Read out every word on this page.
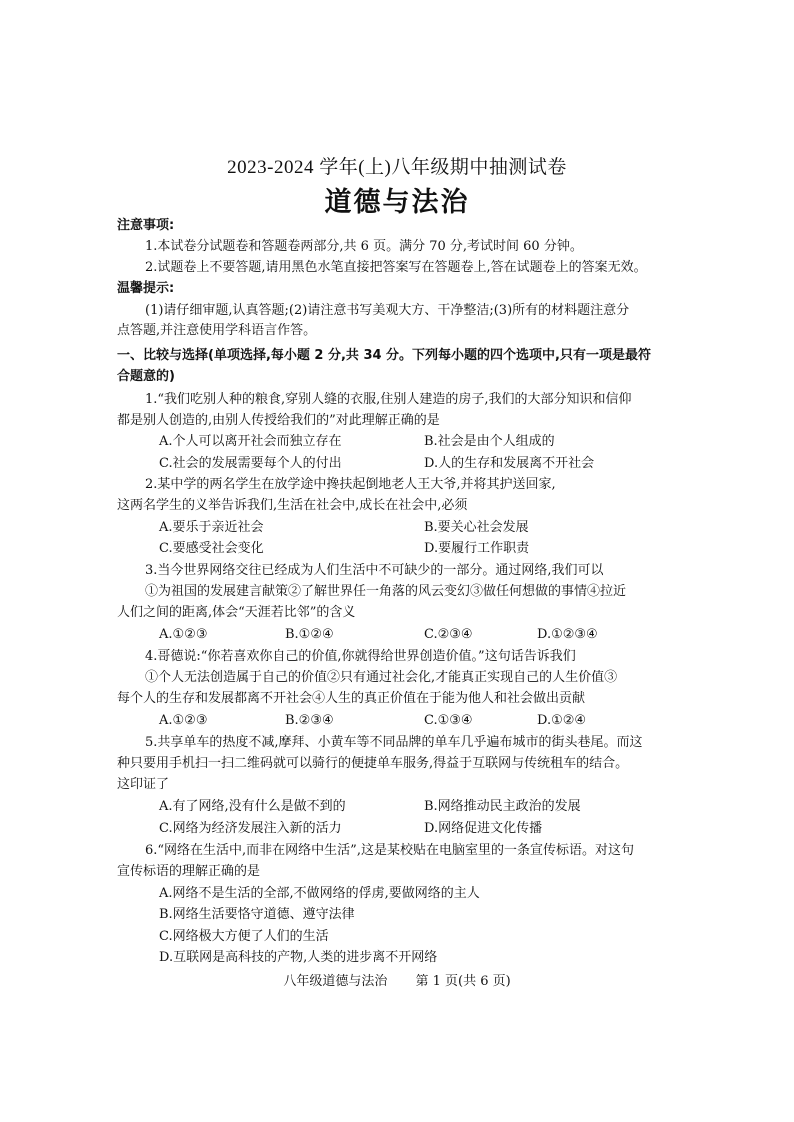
2023-2024 学年(上)八年级期中抽测试卷
道德与法治
注意事项:
1.本试卷分试题卷和答题卷两部分,共 6 页。满分 70 分,考试时间 60 分钟。
2.试题卷上不要答题,请用黑色水笔直接把答案写在答题卷上,答在试题卷上的答案无效。
温馨提示:
(1)请仔细审题,认真答题;(2)请注意书写美观大方、干净整洁;(3)所有的材料题注意分
点答题,并注意使用学科语言作答。
一、比较与选择(单项选择,每小题 2 分,共 34 分。下列每小题的四个选项中,只有一项是最符
合题意的)
1.“我们吃别人种的粮食,穿别人缝的衣服,住别人建造的房子,我们的大部分知识和信仰
都是别人创造的,由别人传授给我们的”对此理解正确的是
A.个人可以离开社会而独立存在	B.社会是由个人组成的
C.社会的发展需要每个人的付出	D.人的生存和发展离不开社会
2.某中学的两名学生在放学途中搀扶起倒地老人王大爷,并将其护送回家,
这两名学生的义举告诉我们,生活在社会中,成长在社会中,必须
A.要乐于亲近社会	B.要关心社会发展
C.要感受社会变化	D.要履行工作职责
3.当今世界网络交往已经成为人们生活中不可缺少的一部分。通过网络,我们可以
①为祖国的发展建言献策②了解世界任一角落的风云变幻③做任何想做的事情④拉近
人们之间的距离,体会“天涯若比邻”的含义
A.①②③	B.①②④	C.②③④	D.①②③④
4.哥德说:“你若喜欢你自己的价值,你就得给世界创造价值。”这句话告诉我们
①个人无法创造属于自己的价值②只有通过社会化,才能真正实现自己的人生价值③
每个人的生存和发展都离不开社会④人生的真正价值在于能为他人和社会做出贡献
A.①②③	B.②③④	C.①③④	D.①②④
5.共享单车的热度不减,摩拜、小黄车等不同品牌的单车几乎遍布城市的街头巷尾。而这
种只要用手机扫一扫二维码就可以骑行的便捷单车服务,得益于互联网与传统租车的结合。
这印证了
A.有了网络,没有什么是做不到的	B.网络推动民主政治的发展
C.网络为经济发展注入新的活力	D.网络促进文化传播
6.“网络在生活中,而非在网络中生活”,这是某校贴在电脑室里的一条宣传标语。对这句
宣传标语的理解正确的是
A.网络不是生活的全部,不做网络的俘虏,要做网络的主人
B.网络生活要恪守道德、遵守法律
C.网络极大方便了人们的生活
D.互联网是高科技的产物,人类的进步离不开网络
八年级道德与法治 第 1 页(共 6 页)
